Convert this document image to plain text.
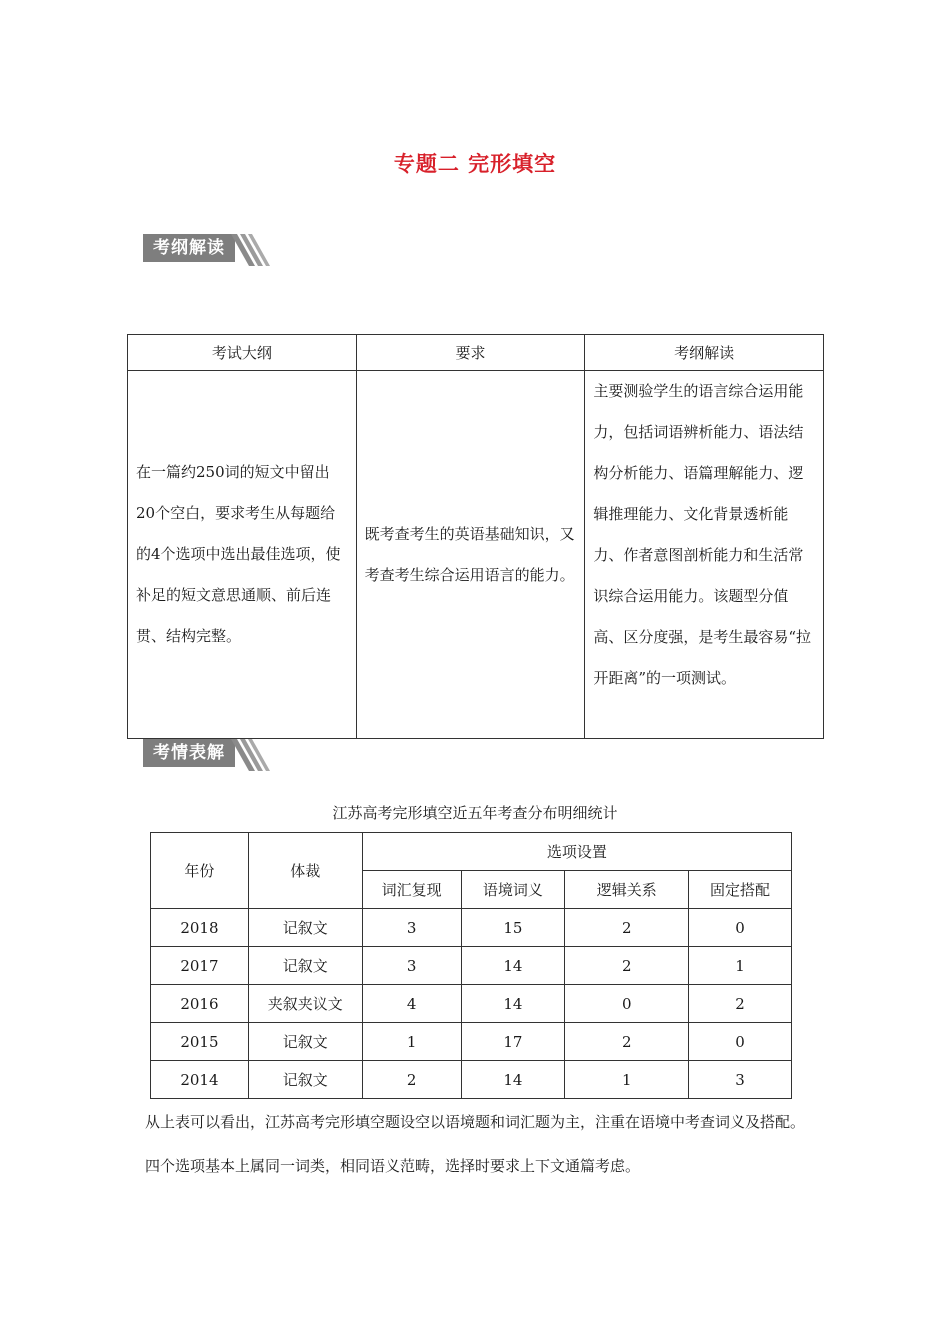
专题二 完形填空
考纲解读
考试大纲	要求	考纲解读
在一篇约250词的短文中留出20个空白，要求考生从每题给的4个选项中选出最佳选项，使补足的短文意思通顺、前后连贯、结构完整。	既考查考生的英语基础知识，又考查考生综合运用语言的能力。	主要测验学生的语言综合运用能力，包括词语辨析能力、语法结构分析能力、语篇理解能力、逻辑推理能力、文化背景透析能力、作者意图剖析能力和生活常识综合运用能力。该题型分值高、区分度强，是考生最容易“拉开距离”的一项测试。
考情表解
江苏高考完形填空近五年考查分布明细统计
年份	体裁	选项设置			
		词汇复现	语境词义	逻辑关系	固定搭配
2018	记叙文	3	15	2	0
2017	记叙文	3	14	2	1
2016	夹叙夹议文	4	14	0	2
2015	记叙文	1	17	2	0
2014	记叙文	2	14	1	3
从上表可以看出，江苏高考完形填空题设空以语境题和词汇题为主，注重在语境中考查词义及搭配。四个选项基本上属同一词类，相同语义范畴，选择时要求上下文通篇考虑。
